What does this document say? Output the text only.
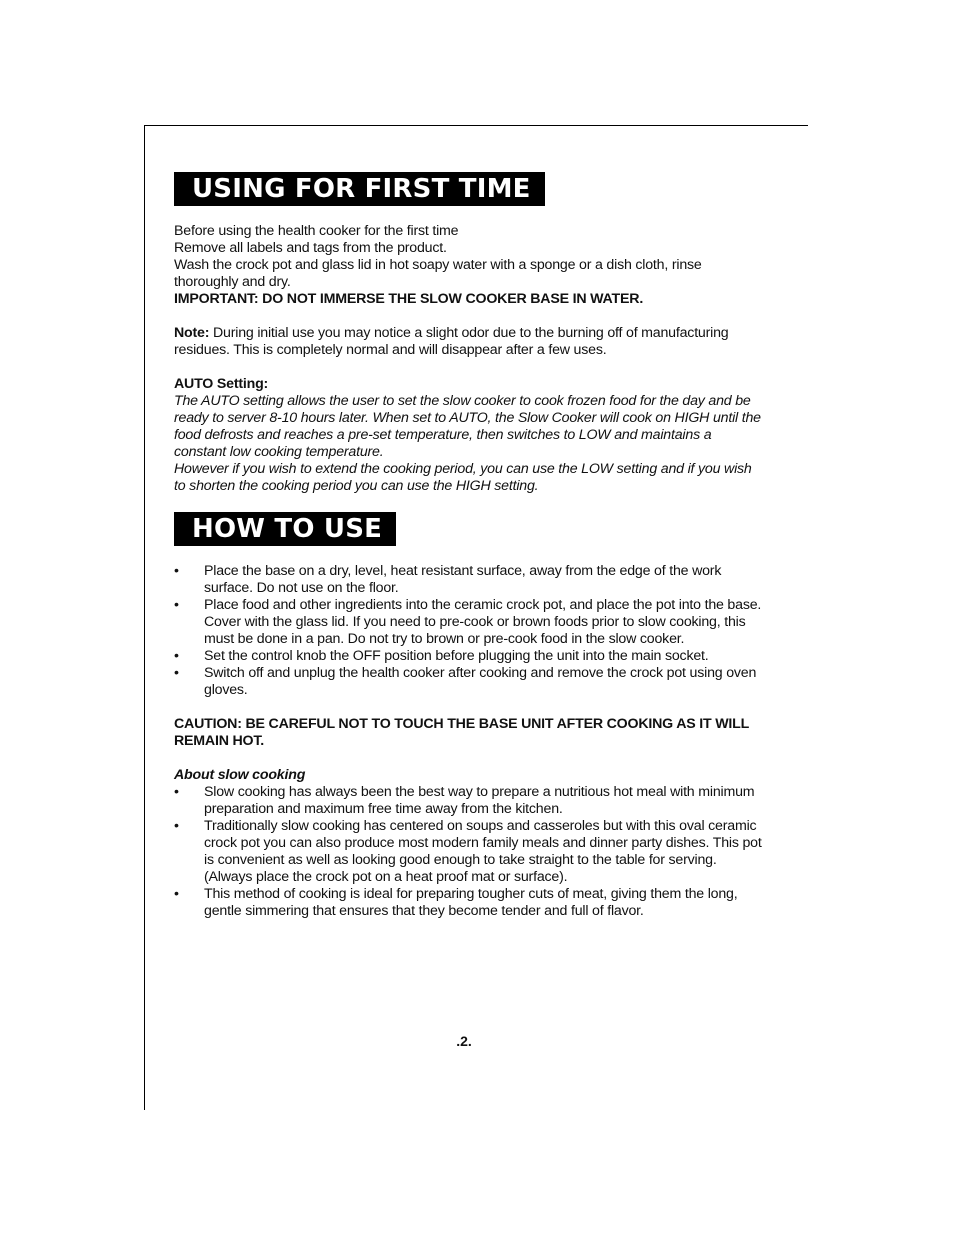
USING FOR FIRST TIME

Before using the health cooker for the first time

Remove all labels and tags from the product.

Wash the crock pot and glass lid in hot soapy water with a sponge or a dish cloth, rinse thoroughly and dry.

IMPORTANT: DO NOT IMMERSE THE SLOW COOKER BASE IN WATER.

Note: During initial use you may notice a slight odor due to the burning off of manufacturing residues. This is completely normal and will disappear after a few uses.

AUTO Setting:

The AUTO setting allows the user to set the slow cooker to cook frozen food for the day and be ready to server 8-10 hours later. When set to AUTO, the Slow Cooker will cook on HIGH until the food defrosts and reaches a pre-set temperature, then switches to LOW and maintains a constant low cooking temperature.

However if you wish to extend the cooking period, you can use the LOW setting and if you wish to shorten the cooking period you can use the HIGH setting.

HOW TO USE
• Place the base on a dry, level, heat resistant surface, away from the edge of the work surface. Do not use on the floor.
• Place food and other ingredients into the ceramic crock pot, and place the pot into the base. Cover with the glass lid. If you need to pre-cook or brown foods prior to slow cooking, this must be done in a pan. Do not try to brown or pre-cook food in the slow cooker.
• Set the control knob the OFF position before plugging the unit into the main socket.
• Switch off and unplug the health cooker after cooking and remove the crock pot using oven gloves.

CAUTION: BE CAREFUL NOT TO TOUCH THE BASE UNIT AFTER COOKING AS IT WILL REMAIN HOT.

About slow cooking

• Slow cooking has always been the best way to prepare a nutritious hot meal with minimum preparation and maximum free time away from the kitchen.
• Traditionally slow cooking has centered on soups and casseroles but with this oval ceramic crock pot you can also produce most modern family meals and dinner party dishes. This pot is convenient as well as looking good enough to take straight to the table for serving. (Always place the crock pot on a heat proof mat or surface).
• This method of cooking is ideal for preparing tougher cuts of meat, giving them the long, gentle simmering that ensures that they become tender and full of flavor.
.2.
